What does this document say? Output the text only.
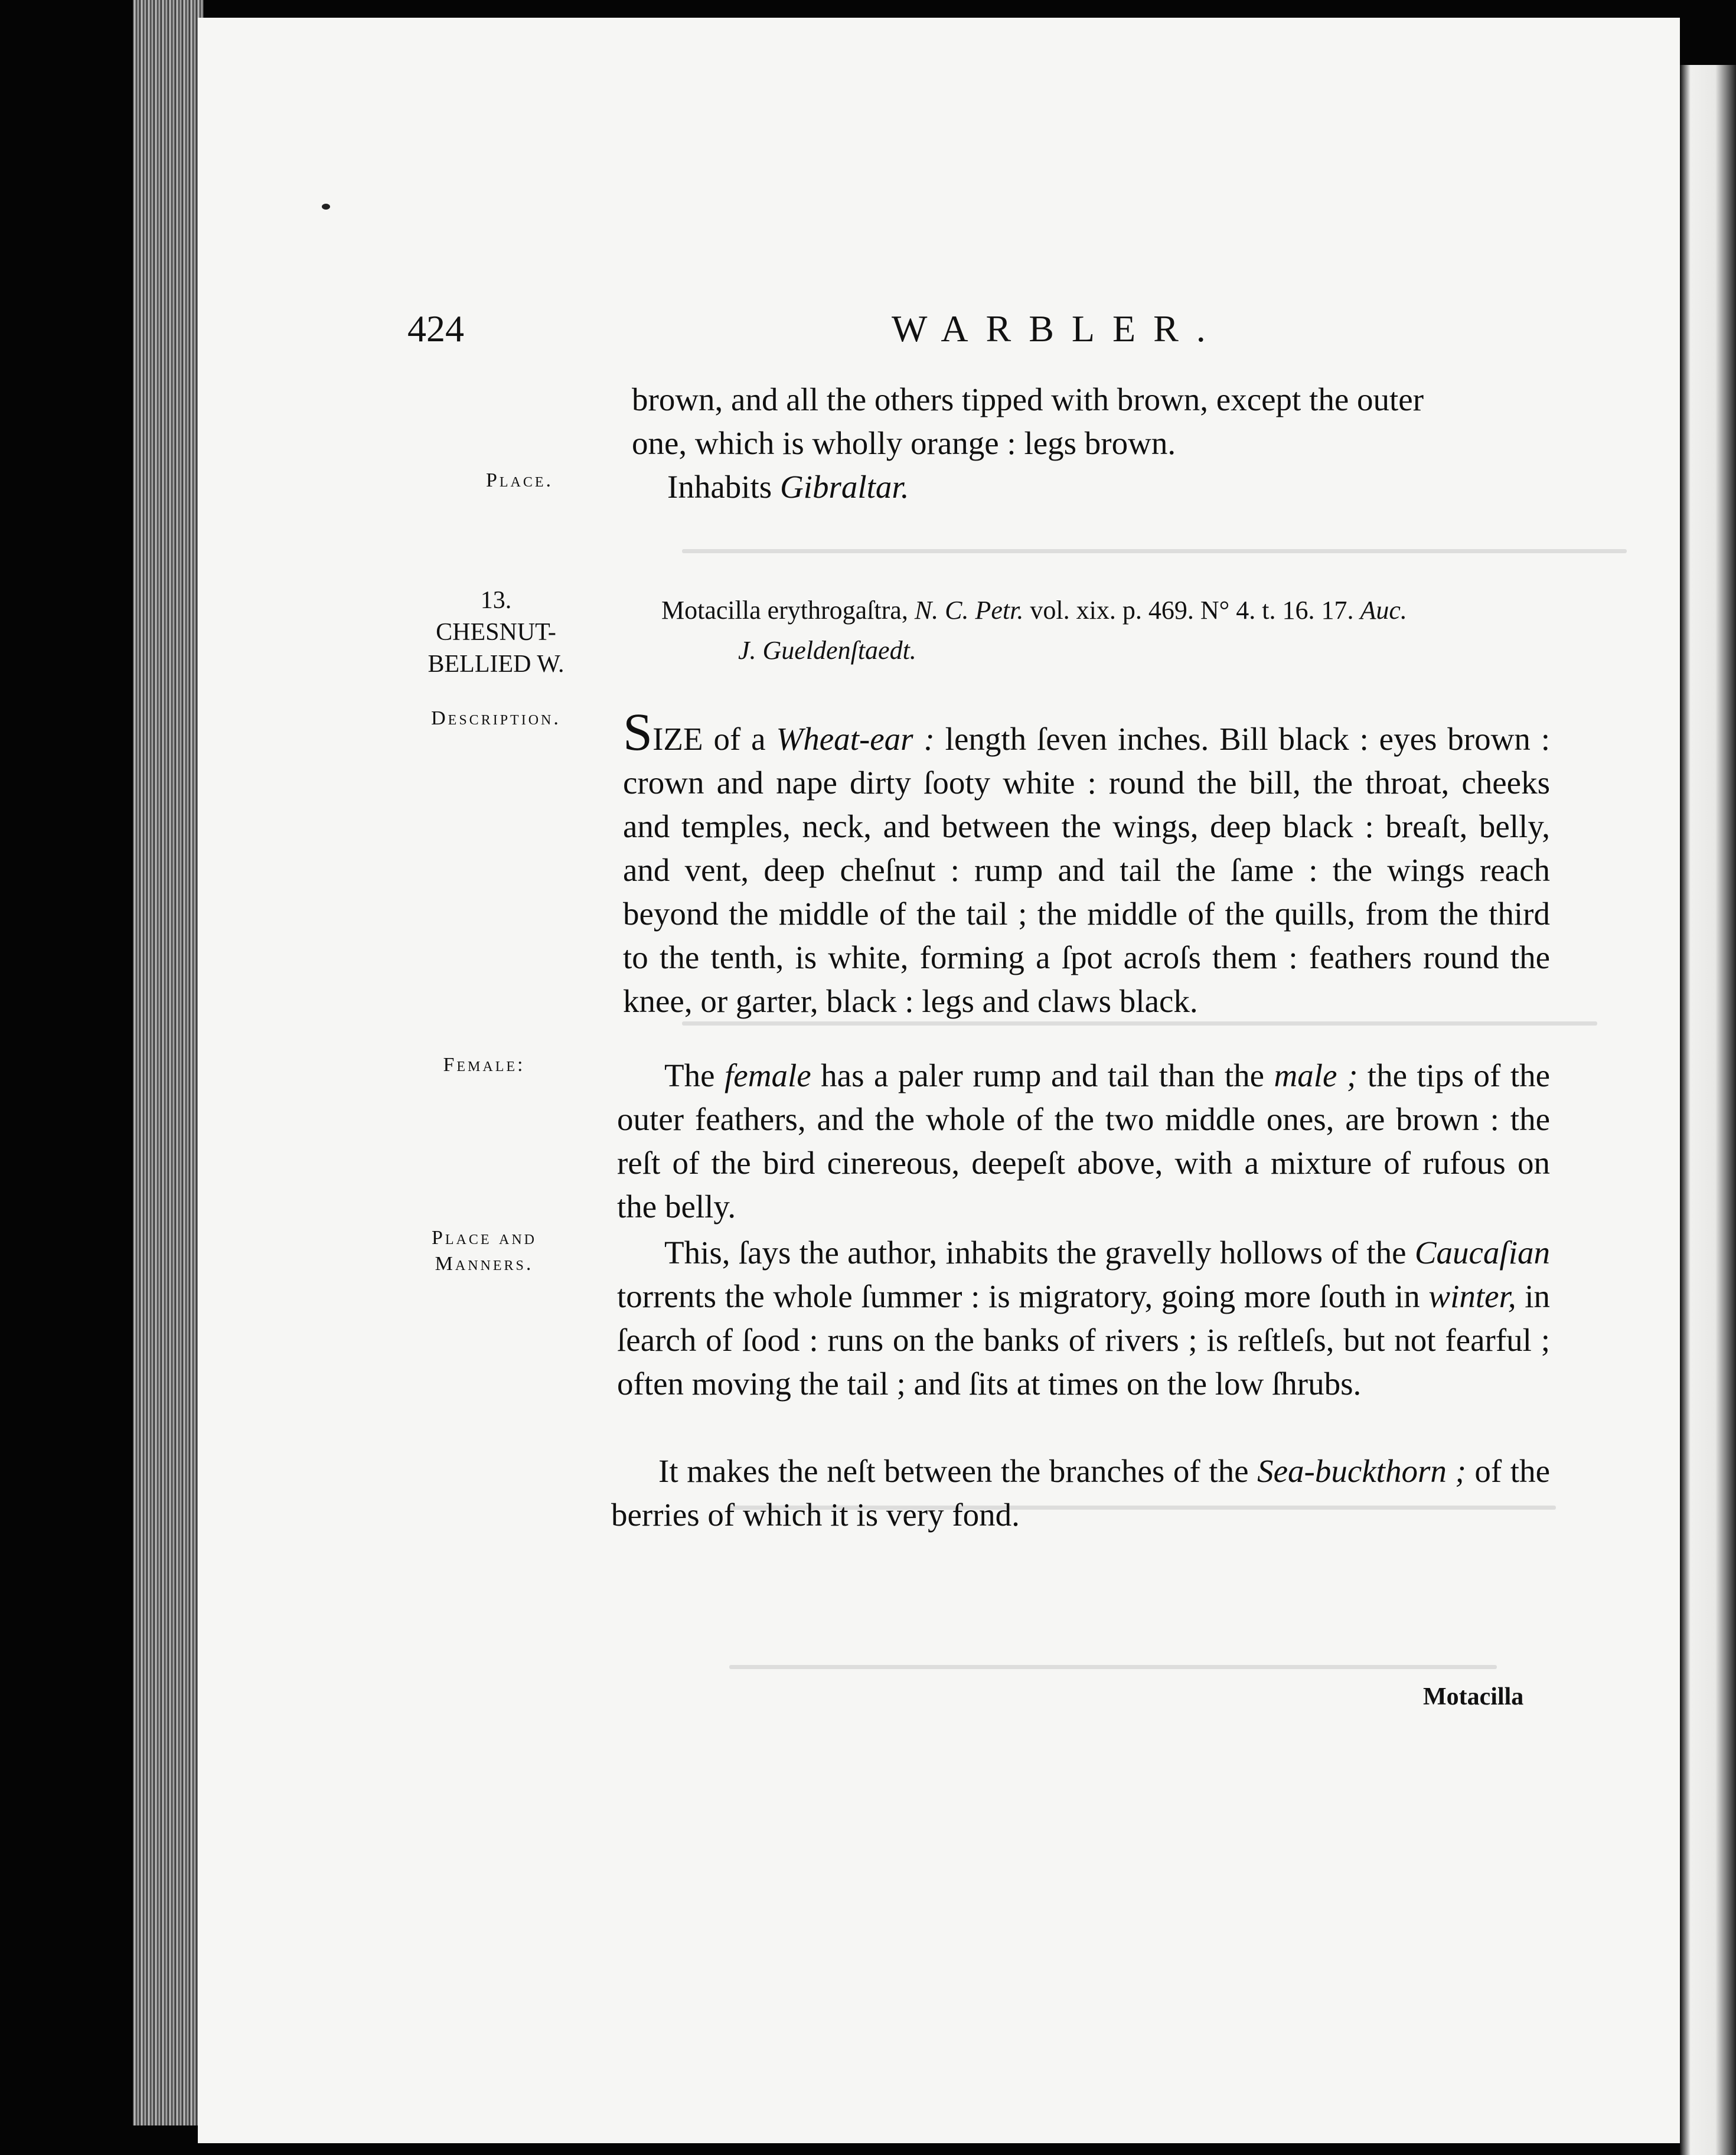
424	WARBLER.
brown, and all the others tipped with brown, except the outer
one, which is wholly orange : legs brown.
Place.	Inhabits Gibraltar.
13.
CHESNUT-
BELLIED W.
Motacilla erythrogaſtra, N. C. Petr. vol. xix. p. 469. N° 4. t. 16. 17. Auc.
J. Gueldenſtaedt.
Description.	SIZE of a Wheat-ear : length ſeven inches. Bill black : eyes brown : crown and nape dirty ſooty white : round the bill, the throat, cheeks and temples, neck, and between the wings, deep black : breaſt, belly, and vent, deep cheſnut : rump and tail the ſame : the wings reach beyond the middle of the tail ; the middle of the quills, from the third to the tenth, is white, forming a ſpot acroſs them : feathers round the knee, or garter, black : legs and claws black.
Female:	The female has a paler rump and tail than the male ; the tips of the outer feathers, and the whole of the two middle ones, are brown : the reſt of the bird cinereous, deepeſt above, with a mixture of rufous on the belly.
Place and
Manners.	This, ſays the author, inhabits the gravelly hollows of the Caucaſian torrents the whole ſummer : is migratory, going more ſouth in winter, in ſearch of ſood : runs on the banks of rivers ; is reſtleſs, but not fearful ; often moving the tail ; and ſits at times on the low ſhrubs.
It makes the neſt between the branches of the Sea-buckthorn ; of the berries of which it is very fond.
Motacilla
